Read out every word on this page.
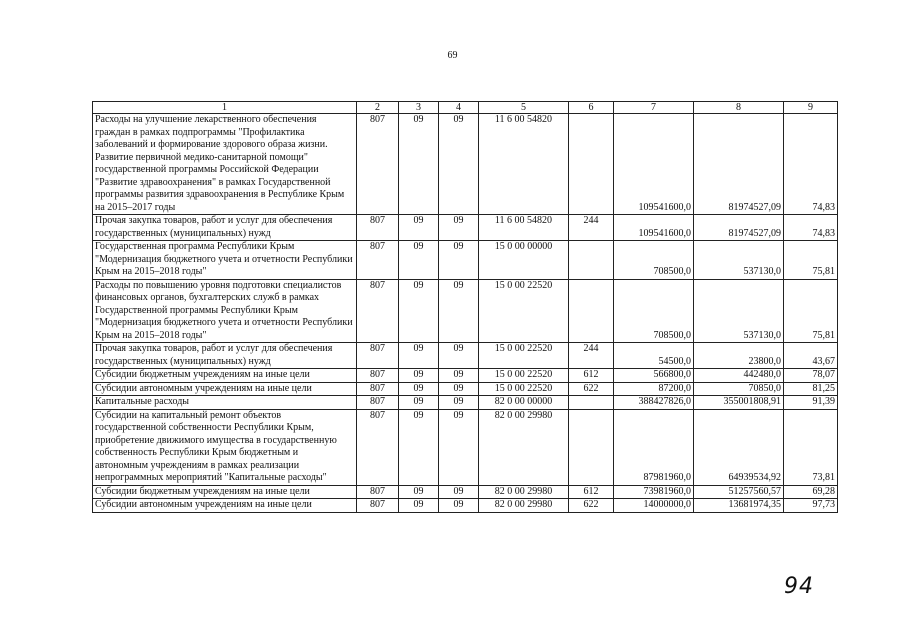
69
1	2	3	4	5	6	7	8	9
Расходы на улучшение лекарственного обеспечения граждан в рамках подпрограммы "Профилактика заболеваний и формирование здорового образа жизни. Развитие первичной медико-санитарной помощи" государственной программы Российской Федерации "Развитие здравоохранения" в рамках Государственной программы развития здравоохранения в Республике Крым на 2015–2017 годы	807	09	09	11 6 00 54820		109541600,0	81974527,09	74,83
Прочая закупка товаров, работ и услуг для обеспечения государственных (муниципальных) нужд	807	09	09	11 6 00 54820	244	109541600,0	81974527,09	74,83
Государственная программа Республики Крым "Модернизация бюджетного учета и отчетности Республики Крым на 2015–2018 годы"	807	09	09	15 0 00 00000		708500,0	537130,0	75,81
Расходы по повышению уровня подготовки специалистов финансовых органов, бухгалтерских служб в рамках Государственной программы Республики Крым "Модернизация бюджетного учета и отчетности Республики Крым на 2015–2018 годы"	807	09	09	15 0 00 22520		708500,0	537130,0	75,81
Прочая закупка товаров, работ и услуг для обеспечения государственных (муниципальных) нужд	807	09	09	15 0 00 22520	244	54500,0	23800,0	43,67
Субсидии бюджетным учреждениям на иные цели	807	09	09	15 0 00 22520	612	566800,0	442480,0	78,07
Субсидии автономным учреждениям на иные цели	807	09	09	15 0 00 22520	622	87200,0	70850,0	81,25
Капитальные расходы	807	09	09	82 0 00 00000		388427826,0	355001808,91	91,39
Субсидии на капитальный ремонт объектов государственной собственности Республики Крым, приобретение движимого имущества в государственную собственность Республики Крым бюджетным и автономным учреждениям в рамках реализации непрограммных мероприятий "Капитальные расходы"	807	09	09	82 0 00 29980		87981960,0	64939534,92	73,81
Субсидии бюджетным учреждениям на иные цели	807	09	09	82 0 00 29980	612	73981960,0	51257560,57	69,28
Субсидии автономным учреждениям на иные цели	807	09	09	82 0 00 29980	622	14000000,0	13681974,35	97,73
94
